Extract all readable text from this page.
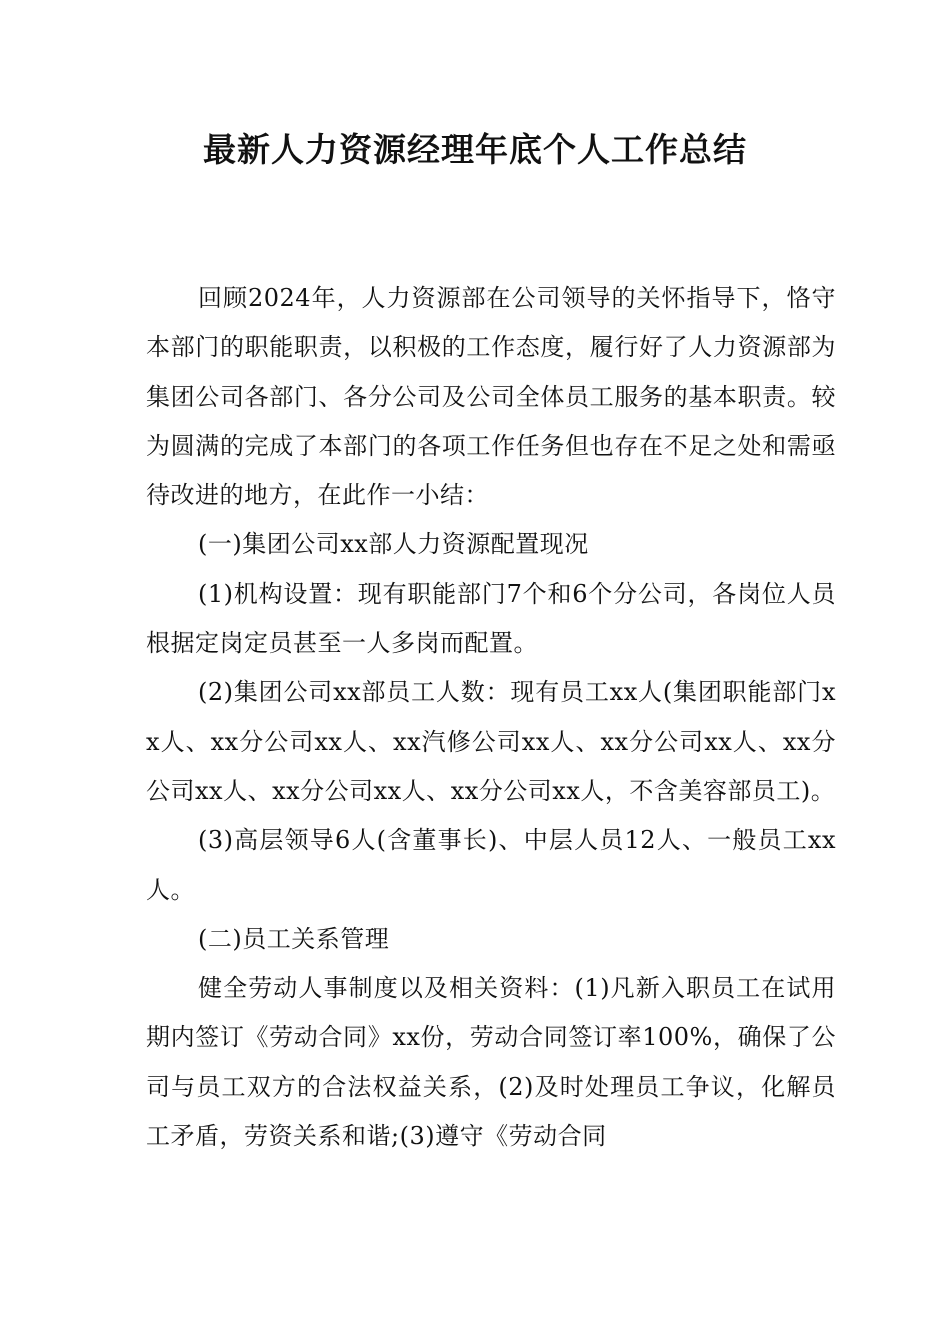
最新人力资源经理年底个人工作总结

回顾2024年，人力资源部在公司领导的关怀指导下，恪守本部门的职能职责，以积极的工作态度，履行好了人力资源部为集团公司各部门、各分公司及公司全体员工服务的基本职责。较为圆满的完成了本部门的各项工作任务但也存在不足之处和需亟待改进的地方，在此作一小结：

(一)集团公司xx部人力资源配置现况

(1)机构设置：现有职能部门7个和6个分公司，各岗位人员根据定岗定员甚至一人多岗而配置。

(2)集团公司xx部员工人数：现有员工xx人(集团职能部门xx人、xx分公司xx人、xx汽修公司xx人、xx分公司xx人、xx分公司xx人、xx分公司xx人、xx分公司xx人，不含美容部员工)。

(3)高层领导6人(含董事长)、中层人员12人、一般员工xx人。

(二)员工关系管理

健全劳动人事制度以及相关资料：(1)凡新入职员工在试用期内签订《劳动合同》xx份，劳动合同签订率100%，确保了公司与员工双方的合法权益关系，(2)及时处理员工争议，化解员工矛盾，劳资关系和谐;(3)遵守《劳动合同
